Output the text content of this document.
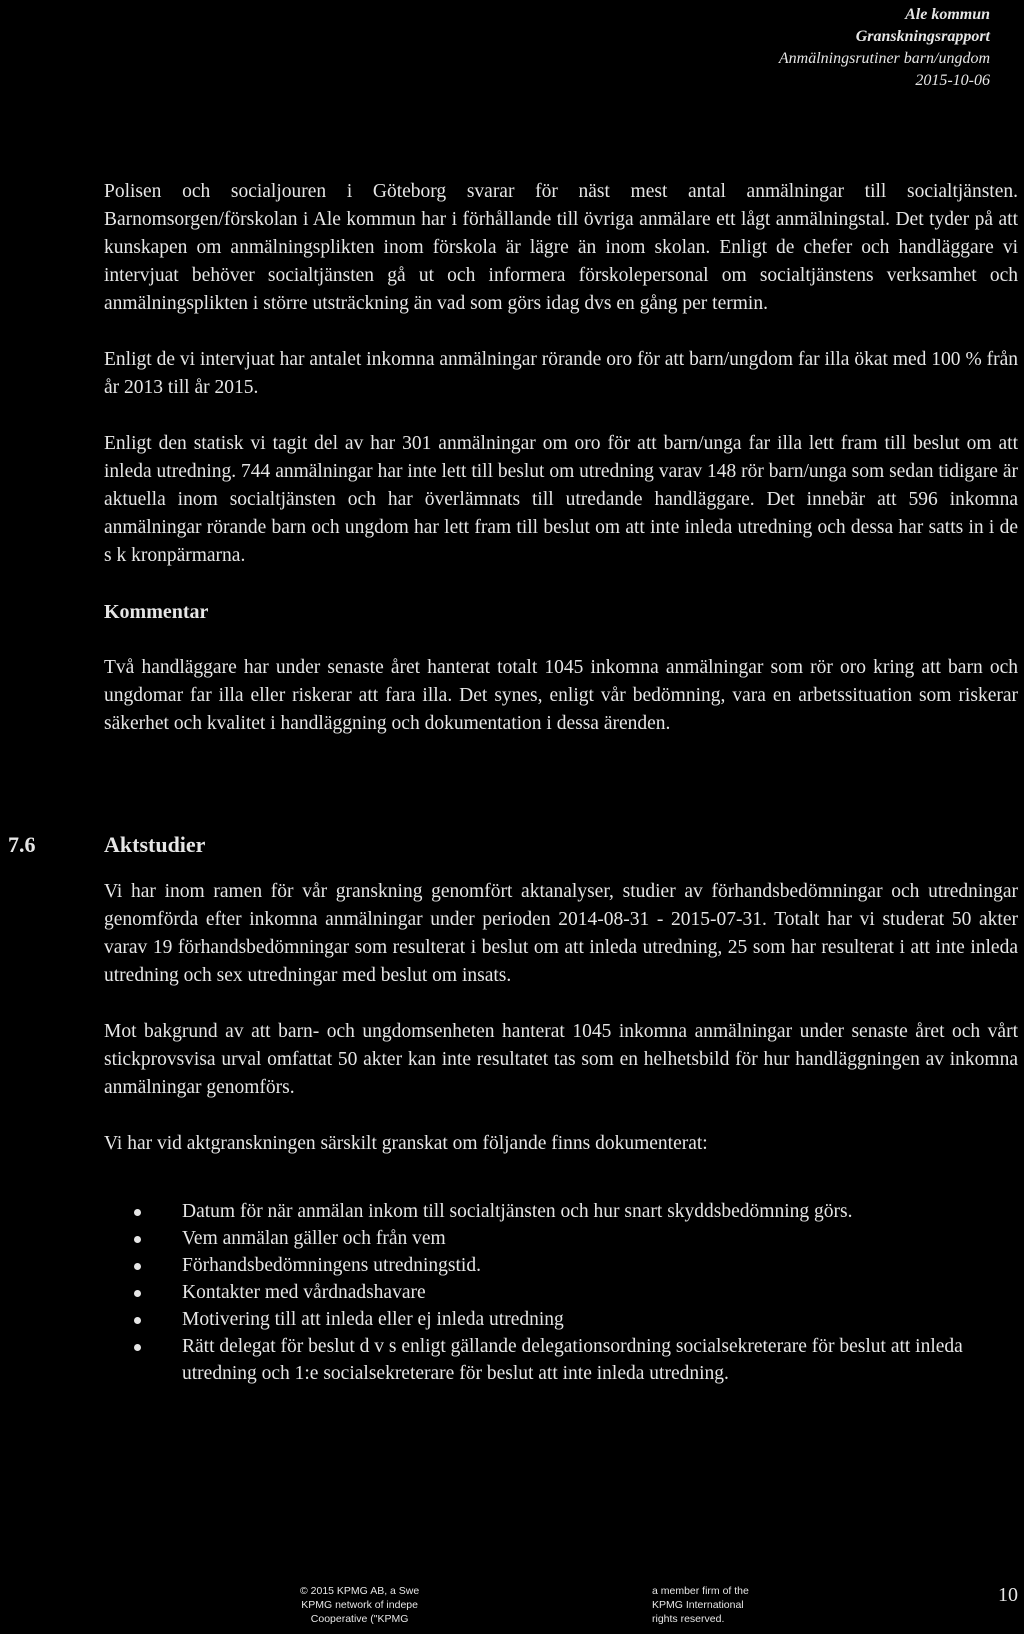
Ale kommun
Granskningsrapport
Anmälningsrutiner barn/ungdom
2015-10-06

Polisen och socialjouren i Göteborg svarar för näst mest antal anmälningar till socialtjänsten. Barnomsorgen/förskolan i Ale kommun har i förhållande till övriga anmälare ett lågt anmälningstal. Det tyder på att kunskapen om anmälningsplikten inom förskola är lägre än inom skolan. Enligt de chefer och handläggare vi intervjuat behöver socialtjänsten gå ut och informera förskolepersonal om socialtjänstens verksamhet och anmälningsplikten i större utsträckning än vad som görs idag dvs en gång per termin.

Enligt de vi intervjuat har antalet inkomna anmälningar rörande oro för att barn/ungdom far illa ökat med 100 % från år 2013 till år 2015.

Enligt den statisk vi tagit del av har 301 anmälningar om oro för att barn/unga far illa lett fram till beslut om att inleda utredning. 744 anmälningar har inte lett till beslut om utredning varav 148 rör barn/unga som sedan tidigare är aktuella inom socialtjänsten och har överlämnats till utredande handläggare. Det innebär att 596 inkomna anmälningar rörande barn och ungdom har lett fram till beslut om att inte inleda utredning och dessa har satts in i de s k kronpärmarna.

Kommentar

Två handläggare har under senaste året hanterat totalt 1045 inkomna anmälningar som rör oro kring att barn och ungdomar far illa eller riskerar att fara illa. Det synes, enligt vår bedömning, vara en arbetssituation som riskerar säkerhet och kvalitet i handläggning och dokumentation i dessa ärenden.

7.6	Aktstudier

Vi har inom ramen för vår granskning genomfört aktanalyser, studier av förhandsbedömningar och utredningar genomförda efter inkomna anmälningar under perioden 2014-08-31 - 2015-07-31. Totalt har vi studerat 50 akter varav 19 förhandsbedömningar som resulterat i beslut om att inleda utredning, 25 som har resulterat i att inte inleda utredning och sex utredningar med beslut om insats.

Mot bakgrund av att barn- och ungdomsenheten hanterat 1045 inkomna anmälningar under senaste året och vårt stickprovsvisa urval omfattat 50 akter kan inte resultatet tas som en helhetsbild för hur handläggningen av inkomna anmälningar genomförs.

Vi har vid aktgranskningen särskilt granskat om följande finns dokumenterat:

Datum för när anmälan inkom till socialtjänsten och hur snart skyddsbedömning görs.
Vem anmälan gäller och från vem
Förhandsbedömningens utredningstid.
Kontakter med vårdnadshavare
Motivering till att inleda eller ej inleda utredning
Rätt delegat för beslut d v s enligt gällande delegationsordning socialsekreterare för beslut att inleda utredning och 1:e socialsekreterare för beslut att inte inleda utredning.
© 2015 KPMG AB, a Swe
KPMG network of indepe
Cooperative ("KPMG
a member firm of the
KPMG International
rights reserved.
10
